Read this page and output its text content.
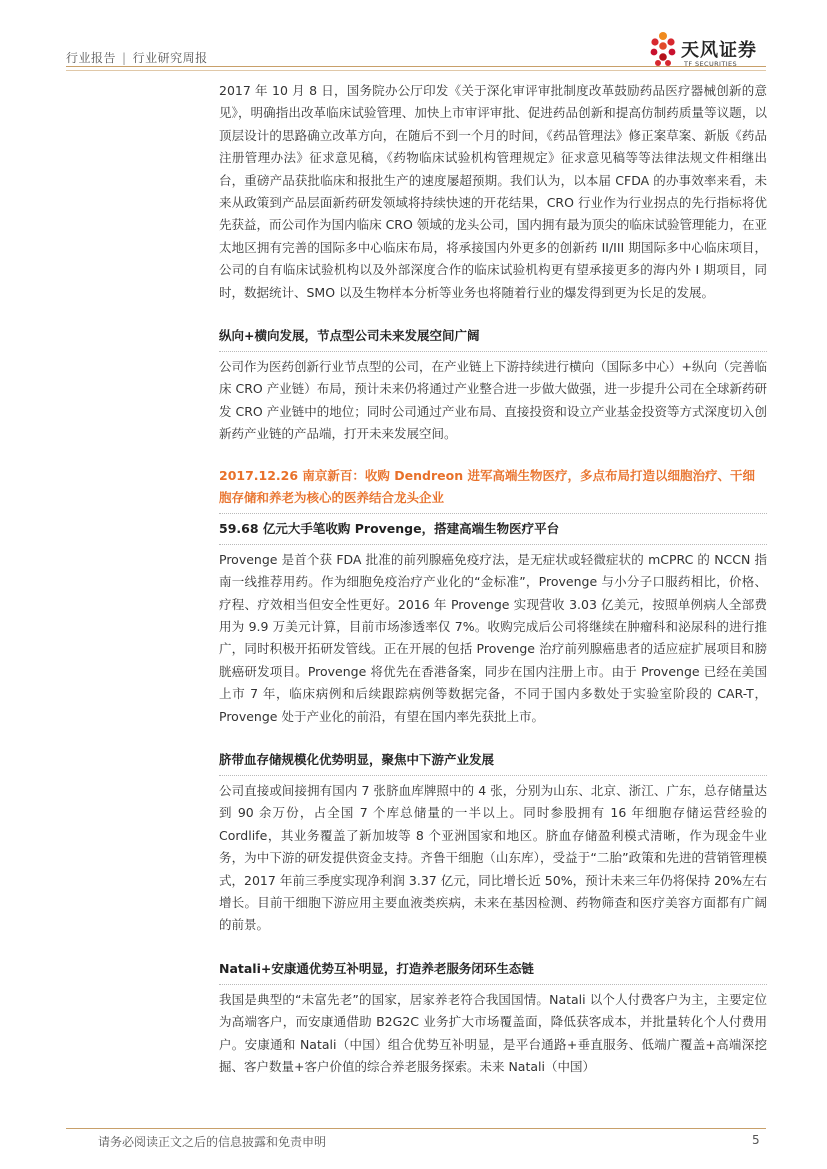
行业报告 | 行业研究周报	天风证券
TF SECURITIES

2017 年 10 月 8 日，国务院办公厅印发《关于深化审评审批制度改革鼓励药品医疗器械创新的意见》，明确指出改革临床试验管理、加快上市审评审批、促进药品创新和提高仿制药质量等议题，以顶层设计的思路确立改革方向，在随后不到一个月的时间，《药品管理法》修正案草案、新版《药品注册管理办法》征求意见稿，《药物临床试验机构管理规定》征求意见稿等等法律法规文件相继出台，重磅产品获批临床和报批生产的速度屡超预期。我们认为，以本届 CFDA 的办事效率来看，未来从政策到产品层面新药研发领域将持续快速的开花结果，CRO 行业作为行业拐点的先行指标将优先获益，而公司作为国内临床 CRO 领域的龙头公司，国内拥有最为顶尖的临床试验管理能力，在亚太地区拥有完善的国际多中心临床布局，将承接国内外更多的创新药 II/III 期国际多中心临床项目，公司的自有临床试验机构以及外部深度合作的临床试验机构更有望承接更多的海内外 I 期项目，同时，数据统计、SMO 以及生物样本分析等业务也将随着行业的爆发得到更为长足的发展。

纵向+横向发展，节点型公司未来发展空间广阔

公司作为医药创新行业节点型的公司，在产业链上下游持续进行横向（国际多中心）+纵向（完善临床 CRO 产业链）布局，预计未来仍将通过产业整合进一步做大做强，进一步提升公司在全球新药研发 CRO 产业链中的地位；同时公司通过产业布局、直接投资和设立产业基金投资等方式深度切入创新药产业链的产品端，打开未来发展空间。

2017.12.26 南京新百：收购 Dendreon 进军高端生物医疗，多点布局打造以细胞治疗、干细胞存储和养老为核心的医养结合龙头企业

59.68 亿元大手笔收购 Provenge，搭建高端生物医疗平台

Provenge 是首个获 FDA 批准的前列腺癌免疫疗法，是无症状或轻微症状的 mCPRC 的 NCCN 指南一线推荐用药。作为细胞免疫治疗产业化的“金标准”，Provenge 与小分子口服药相比，价格、疗程、疗效相当但安全性更好。2016 年 Provenge 实现营收 3.03 亿美元，按照单例病人全部费用为 9.9 万美元计算，目前市场渗透率仅 7%。收购完成后公司将继续在肿瘤科和泌尿科的进行推广，同时积极开拓研发管线。正在开展的包括 Provenge 治疗前列腺癌患者的适应症扩展项目和膀胱癌研发项目。Provenge 将优先在香港备案，同步在国内注册上市。由于 Provenge 已经在美国上市 7 年，临床病例和后续跟踪病例等数据完备，不同于国内多数处于实验室阶段的 CAR-T，Provenge 处于产业化的前沿，有望在国内率先获批上市。

脐带血存储规模化优势明显，聚焦中下游产业发展

公司直接或间接拥有国内 7 张脐血库牌照中的 4 张，分别为山东、北京、浙江、广东，总存储量达到 90 余万份，占全国 7 个库总储量的一半以上。同时参股拥有 16 年细胞存储运营经验的 Cordlife，其业务覆盖了新加坡等 8 个亚洲国家和地区。脐血存储盈利模式清晰，作为现金牛业务，为中下游的研发提供资金支持。齐鲁干细胞（山东库），受益于“二胎”政策和先进的营销管理模式，2017 年前三季度实现净利润 3.37 亿元，同比增长近 50%，预计未来三年仍将保持 20%左右增长。目前干细胞下游应用主要血液类疾病，未来在基因检测、药物筛查和医疗美容方面都有广阔的前景。

Natali+安康通优势互补明显，打造养老服务闭环生态链

我国是典型的“未富先老”的国家，居家养老符合我国国情。Natali 以个人付费客户为主，主要定位为高端客户，而安康通借助 B2G2C 业务扩大市场覆盖面，降低获客成本，并批量转化个人付费用户。安康通和 Natali（中国）组合优势互补明显，是平台通路+垂直服务、低端广覆盖+高端深挖掘、客户数量+客户价值的综合养老服务探索。未来 Natali（中国）

请务必阅读正文之后的信息披露和免责申明	5
